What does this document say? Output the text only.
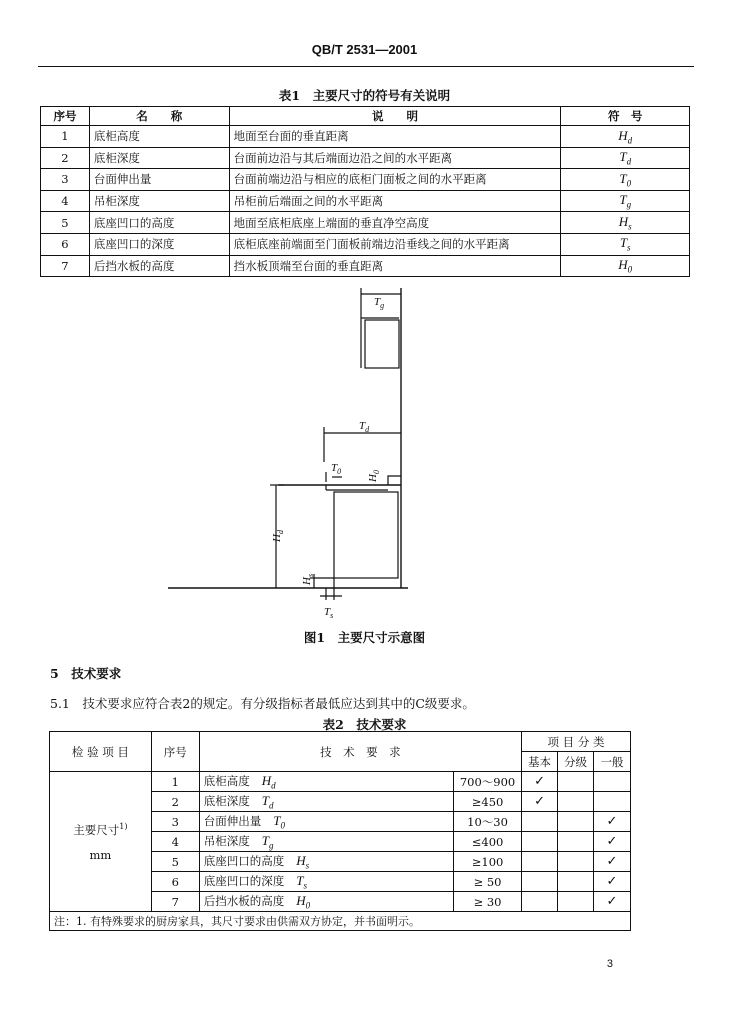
QB/T 2531—2001
表1　主要尺寸的符号有关说明
序号	名　　称	说　　明	符　号
1	底柜高度	地面至台面的垂直距离	$H_d$
2	底柜深度	台面前边沿与其后端面边沿之间的水平距离	$T_d$
3	台面伸出量	台面前端边沿与相应的底柜门面板之间的水平距离	$T_0$
4	吊柜深度	吊柜前后端面之间的水平距离	$T_g$
5	底座凹口的高度	地面至底柜底座上端面的垂直净空高度	$H_s$
6	底座凹口的深度	底柜底座前端面至门面板前端边沿垂线之间的水平距离	$T_s$
7	后挡水板的高度	挡水板顶端至台面的垂直距离	$H_0$
$T_g$
$T_d$
$T_0$
$H_0$
$H_d$
$H_s$
$T_s$
图1　主要尺寸示意图
5　技术要求
5.1　技术要求应符合表2的规定。有分级指标者最低应达到其中的C级要求。
表2　技术要求
检 验 项 目	序号	技　术　要　求		项 目 分 类		
				基本	分级	一般
主要尺寸$^{1)}$
mm	1	底柜高度 $H_d$	700～900	✓		
	2	底柜深度 $T_d$	≥450	✓		
	3	台面伸出量 $T_0$	10～30			✓
	4	吊柜深度 $T_g$	≤400			✓
	5	底座凹口的高度 $H_s$	≥100			✓
	6	底座凹口的深度 $T_s$	≥ 50			✓
	7	后挡水板的高度 $H_0$	≥ 30			✓
注：1. 有特殊要求的厨房家具，其尺寸要求由供需双方协定，并书面明示。						
3
